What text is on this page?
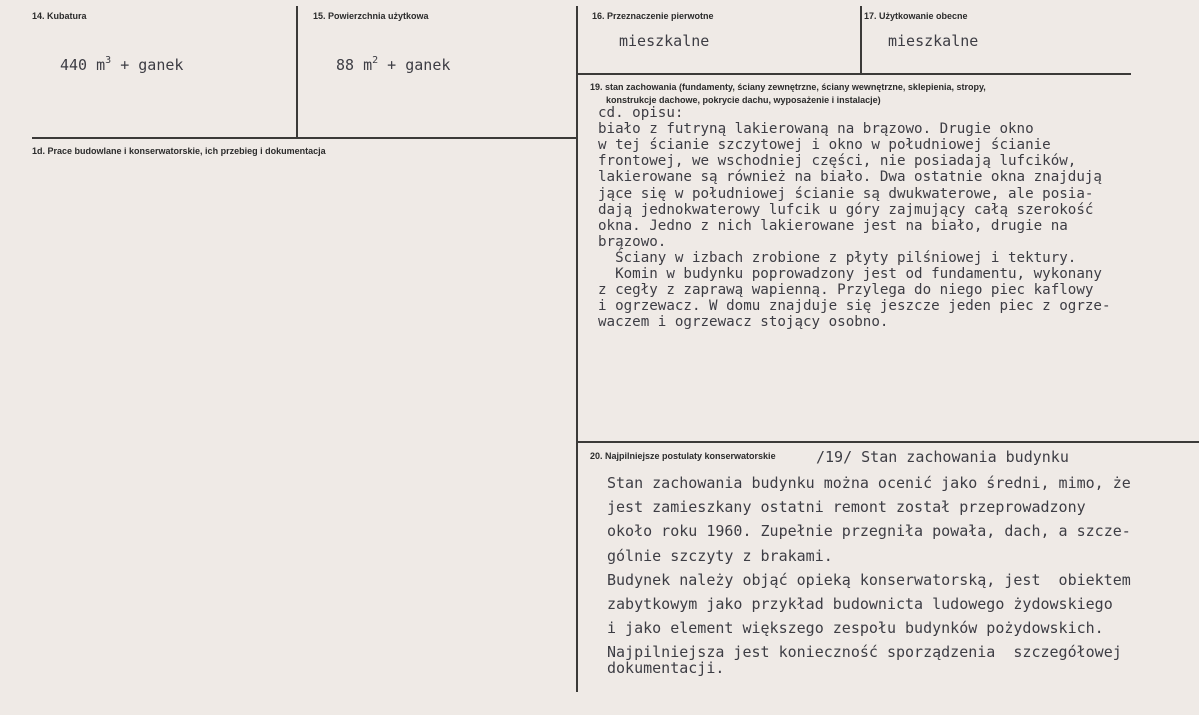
14. Kubatura
440 $m^3$ + ganek
15. Powierzchnia użytkowa
88 $m^2$ + ganek
16. Przeznaczenie pierwotne
mieszkalne
17. Użytkowanie obecne
mieszkalne
1d. Prace budowlane i konserwatorskie, ich przebieg i dokumentacja
19. stan zachowania (fundamenty, ściany zewnętrzne, ściany wewnętrzne, sklepienia, stropy,
konstrukcje dachowe, pokrycie dachu, wyposażenie i instalacje)
cd. opisu:
biało z futryną lakierowaną na brązowo. Drugie okno
w tej ścianie szczytowej i okno w południowej ścianie
frontowej, we wschodniej części, nie posiadają lufcików,
lakierowane są również na biało. Dwa ostatnie okna znajdują
jące się w południowej ścianie są dwukwaterowe, ale posia-
dają jednokwaterowy lufcik u góry zajmujący całą szerokość
okna. Jedno z nich lakierowane jest na biało, drugie na
brązowo.
Ściany w izbach zrobione z płyty pilśniowej i tektury.
Komin w budynku poprowadzony jest od fundamentu, wykonany
z cegły z zaprawą wapienną. Przylega do niego piec kaflowy
i ogrzewacz. W domu znajduje się jeszcze jeden piec z ogrze-
waczem i ogrzewacz stojący osobno.
20. Najpilniejsze postulaty konserwatorskie	/19/ Stan zachowania budynku
Stan zachowania budynku można ocenić jako średni, mimo, że
jest zamieszkany ostatni remont został przeprowadzony
około roku 1960. Zupełnie przegniła powała, dach, a szcze-
gólnie szczyty z brakami.
Budynek należy objąć opieką konserwatorską, jest  obiektem
zabytkowym jako przykład budownicta ludowego żydowskiego
i jako element większego zespołu budynków pożydowskich.
Najpilniejsza jest konieczność sporządzenia  szczegółowej
dokumentacji.
